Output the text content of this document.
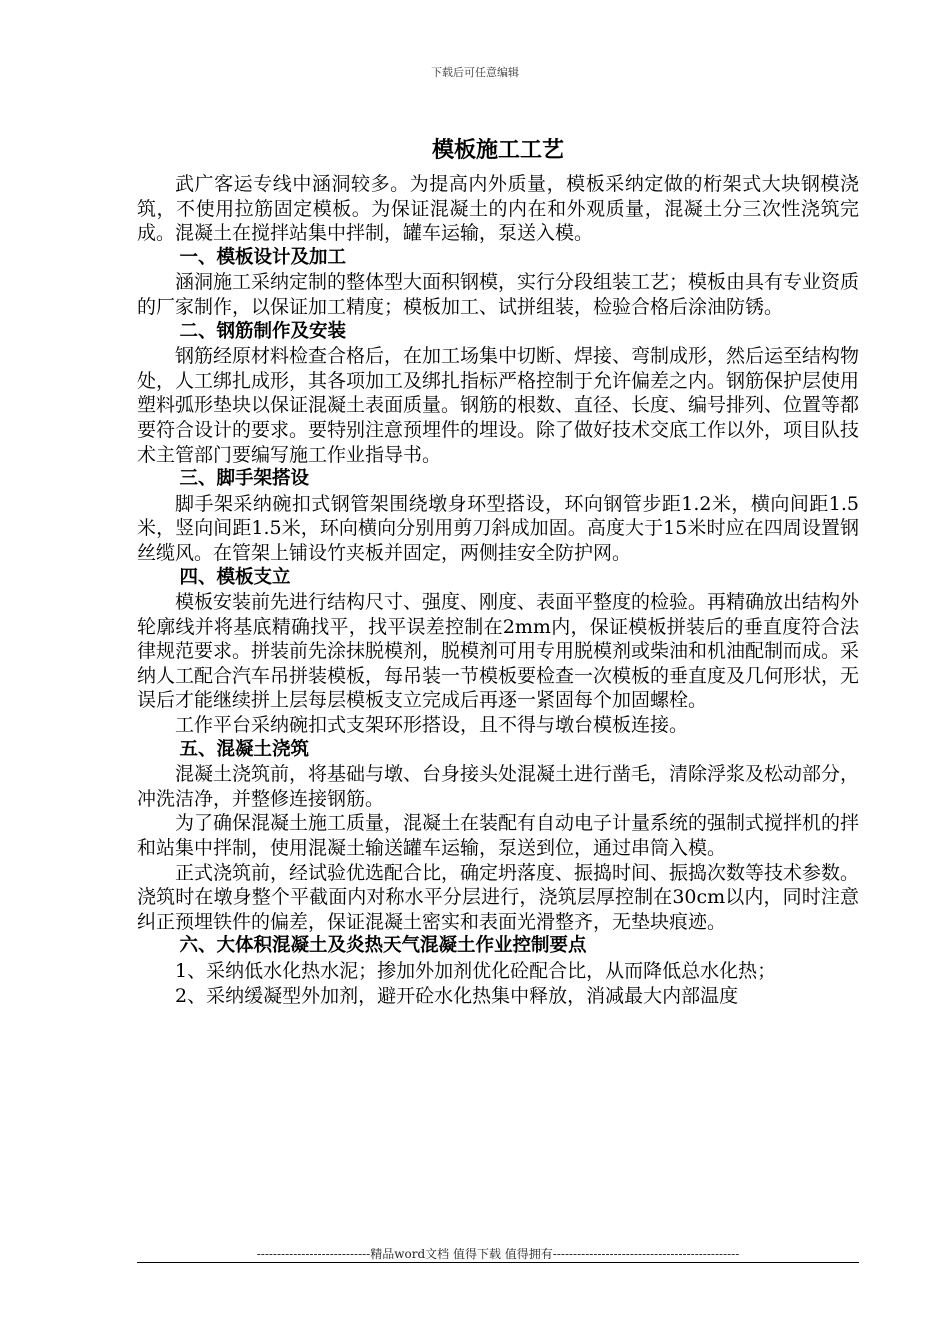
下载后可任意编辑
模板施工工艺

武广客运专线中涵洞较多。为提高内外质量，模板采纳定做的桁架式大块钢模浇筑，不使用拉筋固定模板。为保证混凝土的内在和外观质量，混凝土分三次性浇筑完成。混凝土在搅拌站集中拌制，罐车运输，泵送入模。

一、模板设计及加工

涵洞施工采纳定制的整体型大面积钢模，实行分段组装工艺；模板由具有专业资质的厂家制作，以保证加工精度；模板加工、试拼组装，检验合格后涂油防锈。

二、钢筋制作及安装

钢筋经原材料检查合格后，在加工场集中切断、焊接、弯制成形，然后运至结构物处，人工绑扎成形，其各项加工及绑扎指标严格控制于允许偏差之内。钢筋保护层使用塑料弧形垫块以保证混凝土表面质量。钢筋的根数、直径、长度、编号排列、位置等都要符合设计的要求。要特别注意预埋件的埋设。除了做好技术交底工作以外，项目队技术主管部门要编写施工作业指导书。

三、脚手架搭设

脚手架采纳碗扣式钢管架围绕墩身环型搭设，环向钢管步距1.2米，横向间距1.5米，竖向间距1.5米，环向横向分别用剪刀斜成加固。高度大于15米时应在四周设置钢丝缆风。在管架上铺设竹夹板并固定，两侧挂安全防护网。

四、模板支立

模板安装前先进行结构尺寸、强度、刚度、表面平整度的检验。再精确放出结构外轮廓线并将基底精确找平，找平误差控制在2mm内，保证模板拼装后的垂直度符合法律规范要求。拼装前先涂抹脱模剂，脱模剂可用专用脱模剂或柴油和机油配制而成。采纳人工配合汽车吊拼装模板，每吊装一节模板要检查一次模板的垂直度及几何形状，无误后才能继续拼上层每层模板支立完成后再逐一紧固每个加固螺栓。

工作平台采纳碗扣式支架环形搭设，且不得与墩台模板连接。

五、混凝土浇筑

混凝土浇筑前，将基础与墩、台身接头处混凝土进行凿毛，清除浮浆及松动部分，冲洗洁净，并整修连接钢筋。

为了确保混凝土施工质量，混凝土在装配有自动电子计量系统的强制式搅拌机的拌和站集中拌制，使用混凝土输送罐车运输，泵送到位，通过串筒入模。

正式浇筑前，经试验优选配合比，确定坍落度、振捣时间、振捣次数等技术参数。浇筑时在墩身整个平截面内对称水平分层进行，浇筑层厚控制在30cm以内，同时注意纠正预埋铁件的偏差，保证混凝土密实和表面光滑整齐，无垫块痕迹。

六、大体积混凝土及炎热天气混凝土作业控制要点

1、采纳低水化热水泥；掺加外加剂优化砼配合比，从而降低总水化热；

2、采纳缓凝型外加剂，避开砼水化热集中释放，消减最大内部温度

----------------------------精品word文档 值得下载 值得拥有----------------------------------------------
